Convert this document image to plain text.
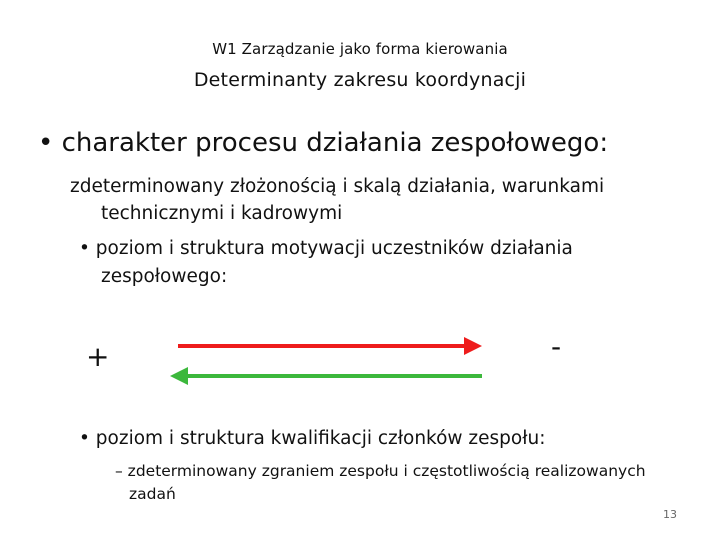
W1 Zarządzanie jako forma kierowania
Determinanty zakresu koordynacji
• charakter procesu działania zespołowego:
zdeterminowany złożonością i skalą działania, warunkami
technicznymi i kadrowymi
• poziom i struktura motywacji uczestników działania
zespołowego:
+	-
• poziom i struktura kwalifikacji członków zespołu:
– zdeterminowany zgraniem zespołu i częstotliwością realizowanych
zadań
13
